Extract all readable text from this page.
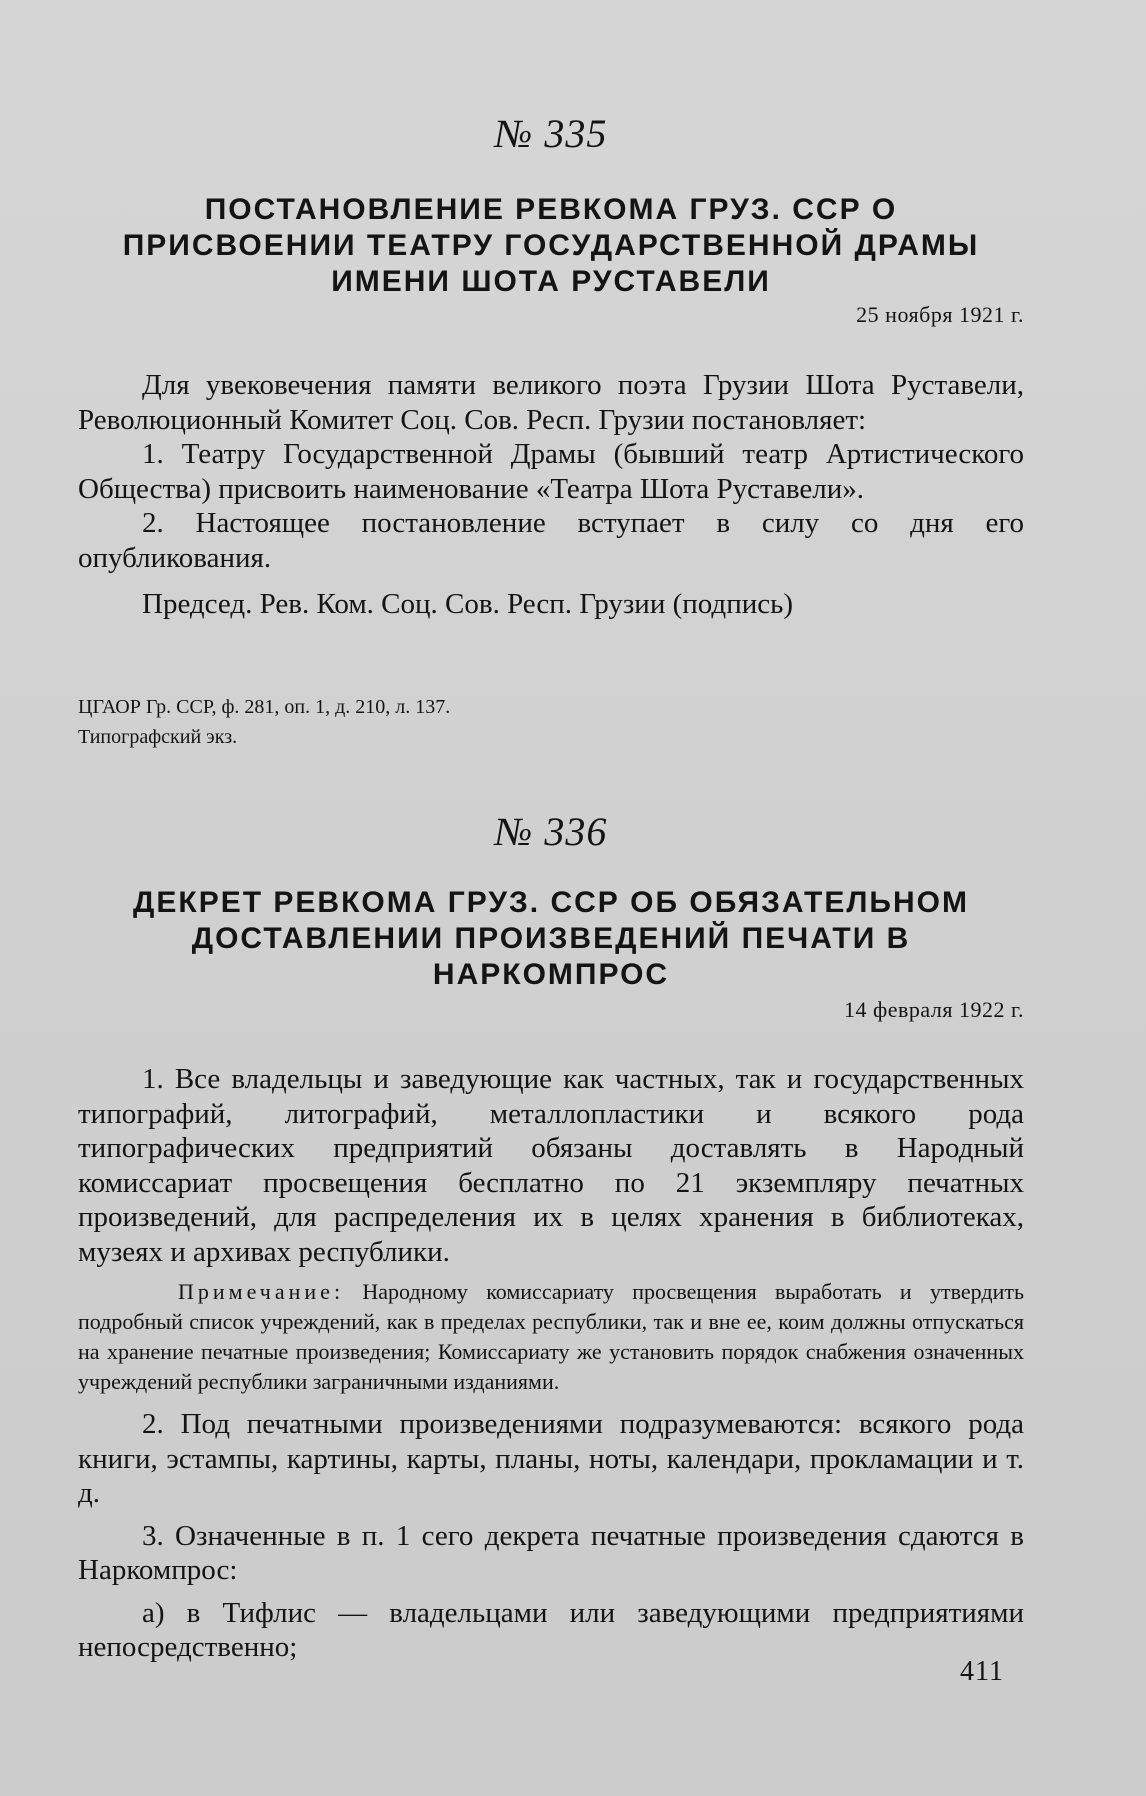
№ 335

ПОСТАНОВЛЕНИЕ РЕВКОМА ГРУЗ. ССР О

ПРИСВОЕНИИ ТЕАТРУ ГОСУДАРСТВЕННОЙ ДРАМЫ

ИМЕНИ ШОТА РУСТАВЕЛИ

25 ноября 1921 г.

Для увековечения памяти великого поэта Грузии Шота Руставели, Революционный Комитет Соц. Сов. Респ. Грузии постановляет:

1. Театру Государственной Драмы (бывший театр Артистического Общества) присвоить наименование «Театра Шота Руставели».

2. Настоящее постановление вступает в силу со дня его опубликования.

Председ. Рев. Ком. Соц. Сов. Респ. Грузии (подпись)

ЦГАОР Гр. ССР, ф. 281, оп. 1, д. 210, л. 137.

Типографский экз.

№ 336

ДЕКРЕТ РЕВКОМА ГРУЗ. ССР ОБ ОБЯЗАТЕЛЬНОМ

ДОСТАВЛЕНИИ ПРОИЗВЕДЕНИЙ ПЕЧАТИ В

НАРКОМПРОС

14 февраля 1922 г.

1. Все владельцы и заведующие как частных, так и государственных типографий, литографий, металлопластики и всякого рода типографических предприятий обязаны доставлять в Народный комиссариат просвещения бесплатно по 21 экземпляру печатных произведений, для распределения их в целях хранения в библиотеках, музеях и архивах республики.

Примечание: Народному комиссариату просвещения выработать и утвердить подробный список учреждений, как в пределах республики, так и вне ее, коим должны отпускаться на хранение печатные произведения; Комиссариату же установить порядок снабжения означенных учреждений республики заграничными изданиями.

2. Под печатными произведениями подразумеваются: всякого рода книги, эстампы, картины, карты, планы, ноты, календари, прокламации и т. д.

3. Означенные в п. 1 сего декрета печатные произведения сдаются в Наркомпрос:

а) в Тифлис — владельцами или заведующими предприятиями непосредственно;

411
